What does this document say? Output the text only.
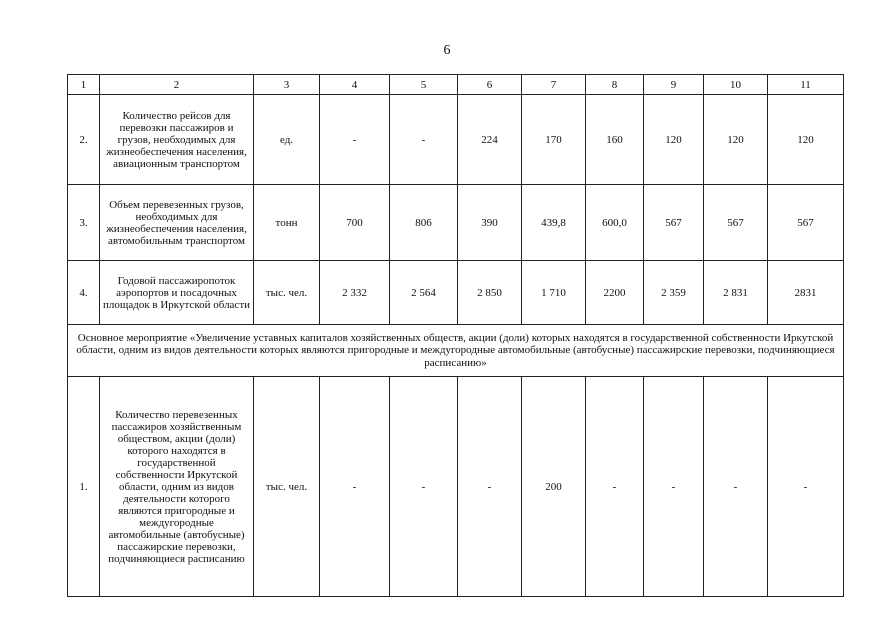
6
1	2	3	4	5	6	7	8	9	10	11
2.	Количество рейсов для перевозки пассажиров и грузов, необходимых для жизнеобеспечения населения, авиационным транспортом	ед.	-	-	224	170	160	120	120	120
3.	Объем перевезенных грузов, необходимых для жизнеобеспечения населения, автомобильным транспортом	тонн	700	806	390	439,8	600,0	567	567	567
4.	Годовой пассажиропоток аэропортов и посадочных площадок в Иркутской области	тыс. чел.	2 332	2 564	2 850	1 710	2200	2 359	2 831	2831
Основное мероприятие «Увеличение уставных капиталов хозяйственных обществ, акции (доли) которых находятся в государственной собственности Иркутской области, одним из видов деятельности которых являются пригородные и междугородные автомобильные (автобусные) пассажирские перевозки, подчиняющиеся расписанию»										
1.	Количество перевезенных пассажиров хозяйственным обществом, акции (доли) которого находятся в государственной собственности Иркутской области, одним из видов деятельности которого являются пригородные и междугородные автомобильные (автобусные) пассажирские перевозки, подчиняющиеся расписанию	тыс. чел.	-	-	-	200	-	-	-	-
